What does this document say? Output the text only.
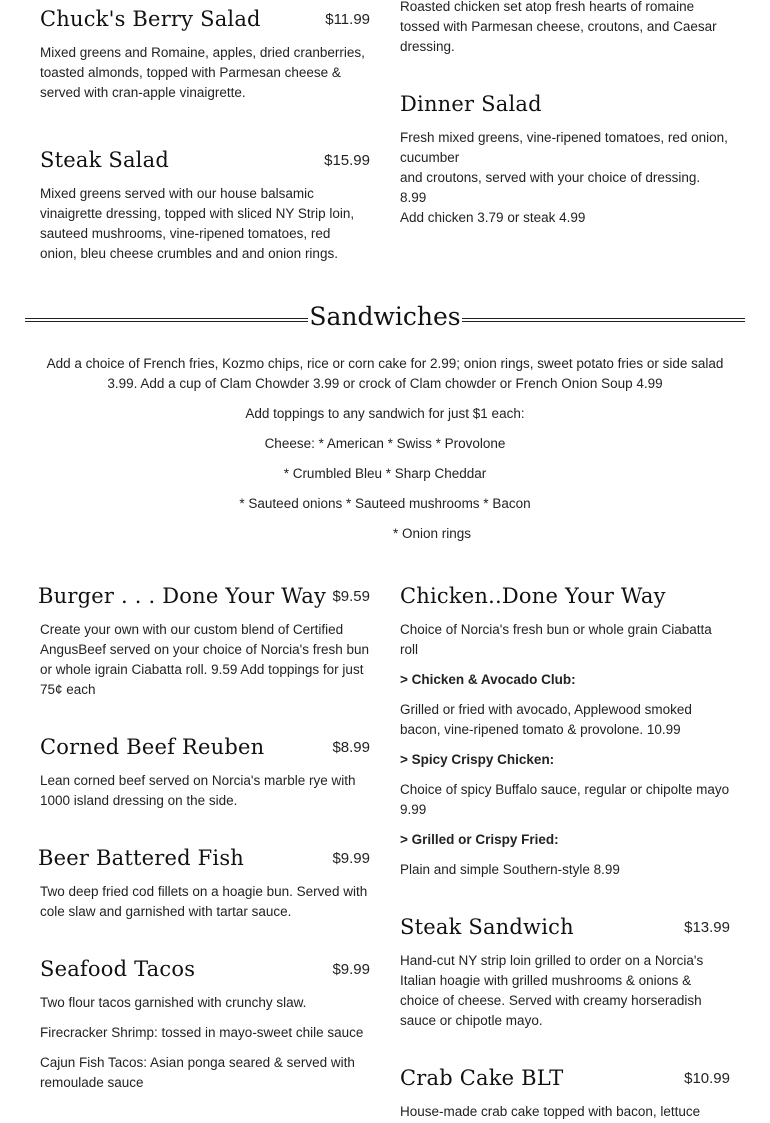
Chuck's Berry Salad	$11.99
Mixed greens and Romaine, apples, dried cranberries, toasted almonds, topped with Parmesan cheese & served with cran-apple vinaigrette.
Steak Salad	$15.99
Mixed greens served with our house balsamic vinaigrette dressing, topped with sliced NY Strip loin, sauteed mushrooms, vine-ripened tomatoes, red onion, bleu cheese crumbles and and onion rings.
Roasted chicken set atop fresh hearts of romaine tossed with Parmesan cheese, croutons, and Caesar dressing.
Dinner Salad
Fresh mixed greens, vine-ripened tomatoes, red onion, cucumber
and croutons, served with your choice of dressing. 8.99
Add chicken 3.79 or steak 4.99
Sandwiches
Add a choice of French fries, Kozmo chips, rice or corn cake for 2.99; onion rings, sweet potato fries or side salad 3.99. Add a cup of Clam Chowder 3.99 or crock of Clam chowder or French Onion Soup 4.99
Add toppings to any sandwich for just $1 each:
Cheese: * American * Swiss * Provolone
* Crumbled Bleu * Sharp Cheddar
* Sauteed onions * Sauteed mushrooms * Bacon
* Onion rings
Burger . . . Done Your Way $9.59
Create your own with our custom blend of Certified AngusBeef served on your choice of Norcia's fresh bun or whole igrain Ciabatta roll. 9.59 Add toppings for just 75¢ each
Corned Beef Reuben	$8.99
Lean corned beef served on Norcia's marble rye with 1000 island dressing on the side.
Beer Battered Fish	$9.99
Two deep fried cod fillets on a hoagie bun. Served with cole slaw and garnished with tartar sauce.
Seafood Tacos	$9.99

Two flour tacos garnished with crunchy slaw.

Firecracker Shrimp: tossed in mayo-sweet chile sauce

Cajun Fish Tacos: Asian ponga seared & served with remoulade sauce

Chicken..Done Your Way

Choice of Norcia's fresh bun or whole grain Ciabatta roll

> Chicken & Avocado Club:

Grilled or fried with avocado, Applewood smoked bacon, vine-ripened tomato & provolone. 10.99

> Spicy Crispy Chicken:

Choice of spicy Buffalo sauce, regular or chipolte mayo 9.99

> Grilled or Crispy Fried:

Plain and simple Southern-style 8.99

Steak Sandwich	$13.99
Hand-cut NY strip loin grilled to order on a Norcia's Italian hoagie with grilled mushrooms & onions & choice of cheese. Served with creamy horseradish sauce or chipotle mayo.
Crab Cake BLT	$10.99
House-made crab cake topped with bacon, lettuce
